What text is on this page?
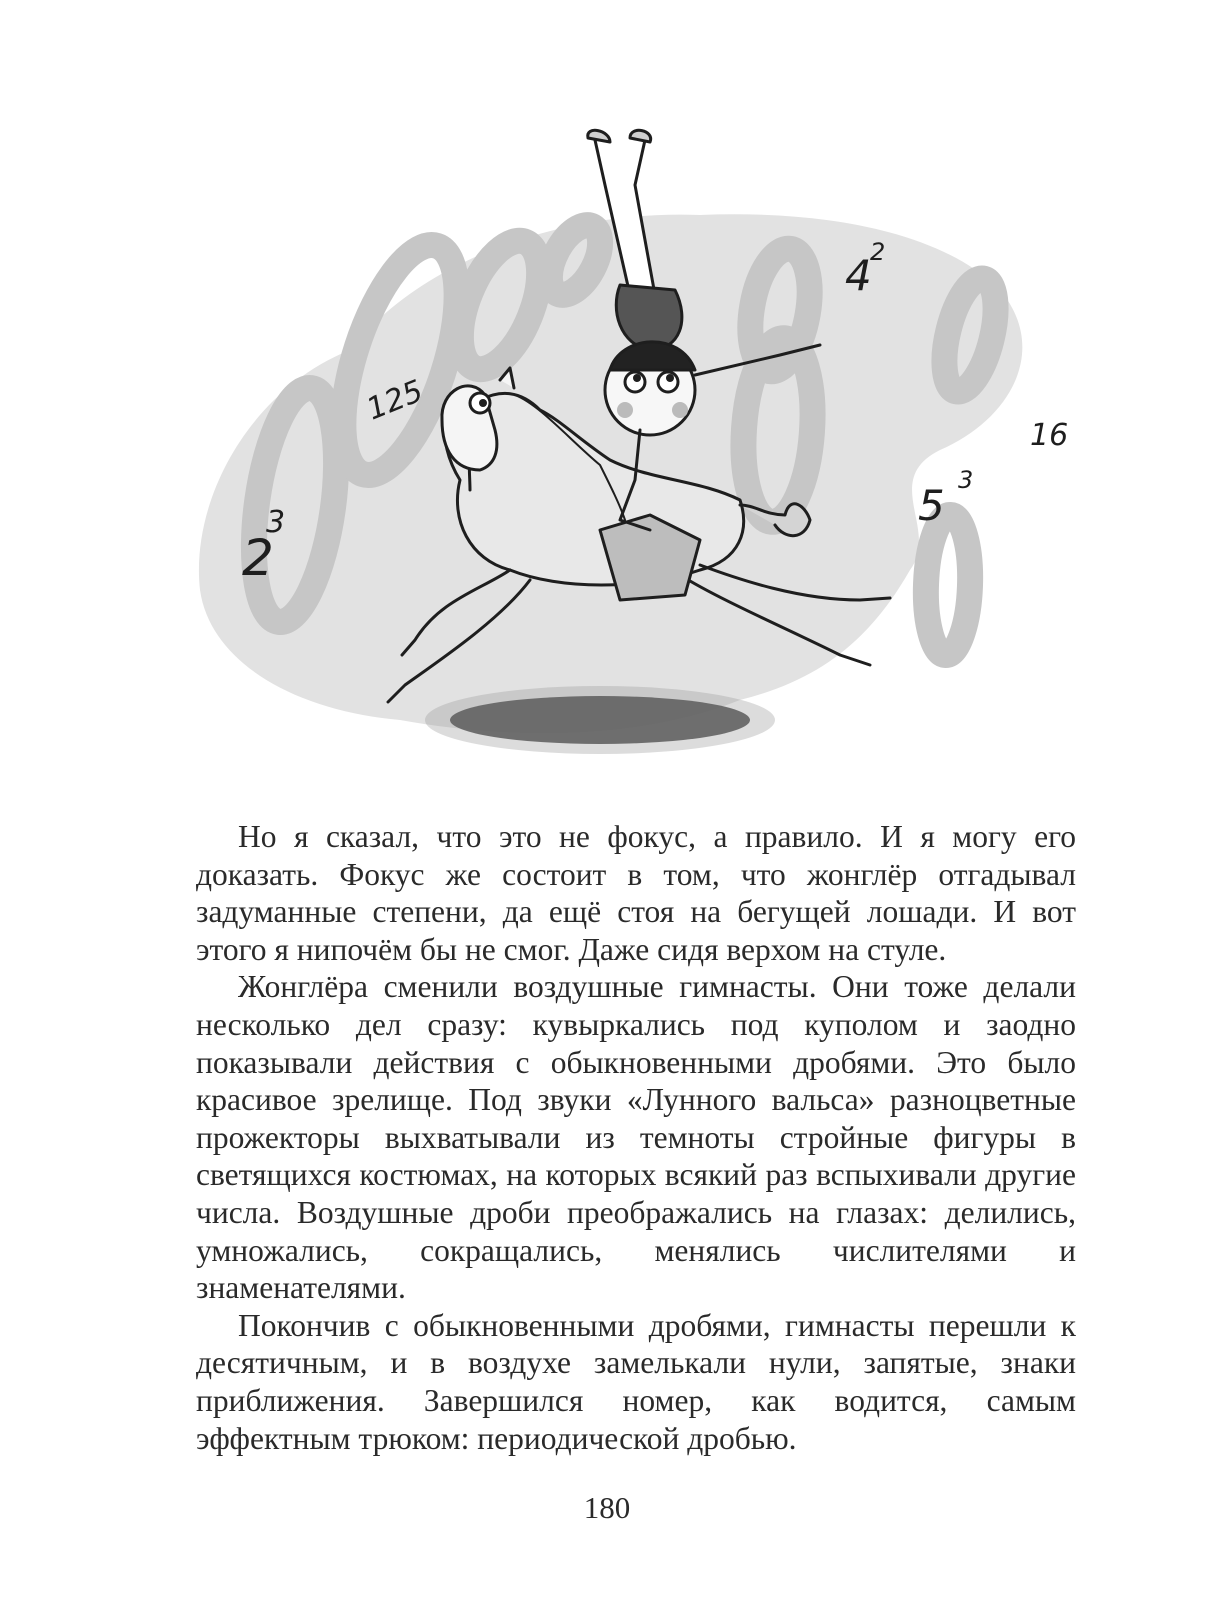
125
2
3
4
2
16
5
3

Но я сказал, что это не фокус, а правило. И я могу его доказать. Фокус же состоит в том, что жонглёр отгадывал задуманные степени, да ещё стоя на бегущей лошади. И вот этого я нипочём бы не смог. Даже сидя верхом на стуле.

Жонглёра сменили воздушные гимнасты. Они тоже делали несколько дел сразу: кувыркались под куполом и заодно показывали действия с обыкновенными дробями. Это было красивое зрелище. Под звуки «Лунного вальса» разноцветные прожекторы выхватывали из темноты стройные фигуры в светящихся костюмах, на которых всякий раз вспыхивали другие числа. Воздушные дроби преображались на глазах: делились, умножались, сокращались, менялись числителями и знаменателями.

Покончив с обыкновенными дробями, гимнасты перешли к десятичным, и в воздухе замелькали нули, запятые, знаки приближения. Завершился номер, как водится, самым эффектным трюком: периодической дробью.

180
